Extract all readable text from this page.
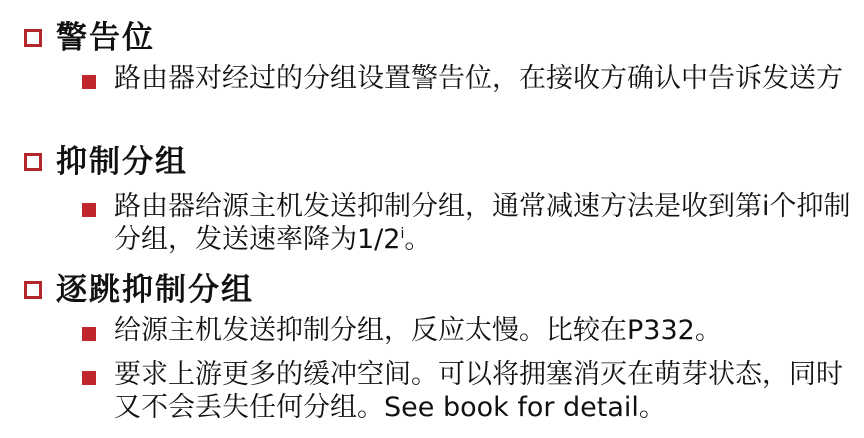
警告位
路由器对经过的分组设置警告位，在接收方确认中告诉发送方
抑制分组
路由器给源主机发送抑制分组，通常减速方法是收到第i个抑制分组，发送速率降为1/2$^i$。
逐跳抑制分组
给源主机发送抑制分组，反应太慢。比较在P332。
要求上游更多的缓冲空间。可以将拥塞消灭在萌芽状态，同时又不会丢失任何分组。See book for detail。
